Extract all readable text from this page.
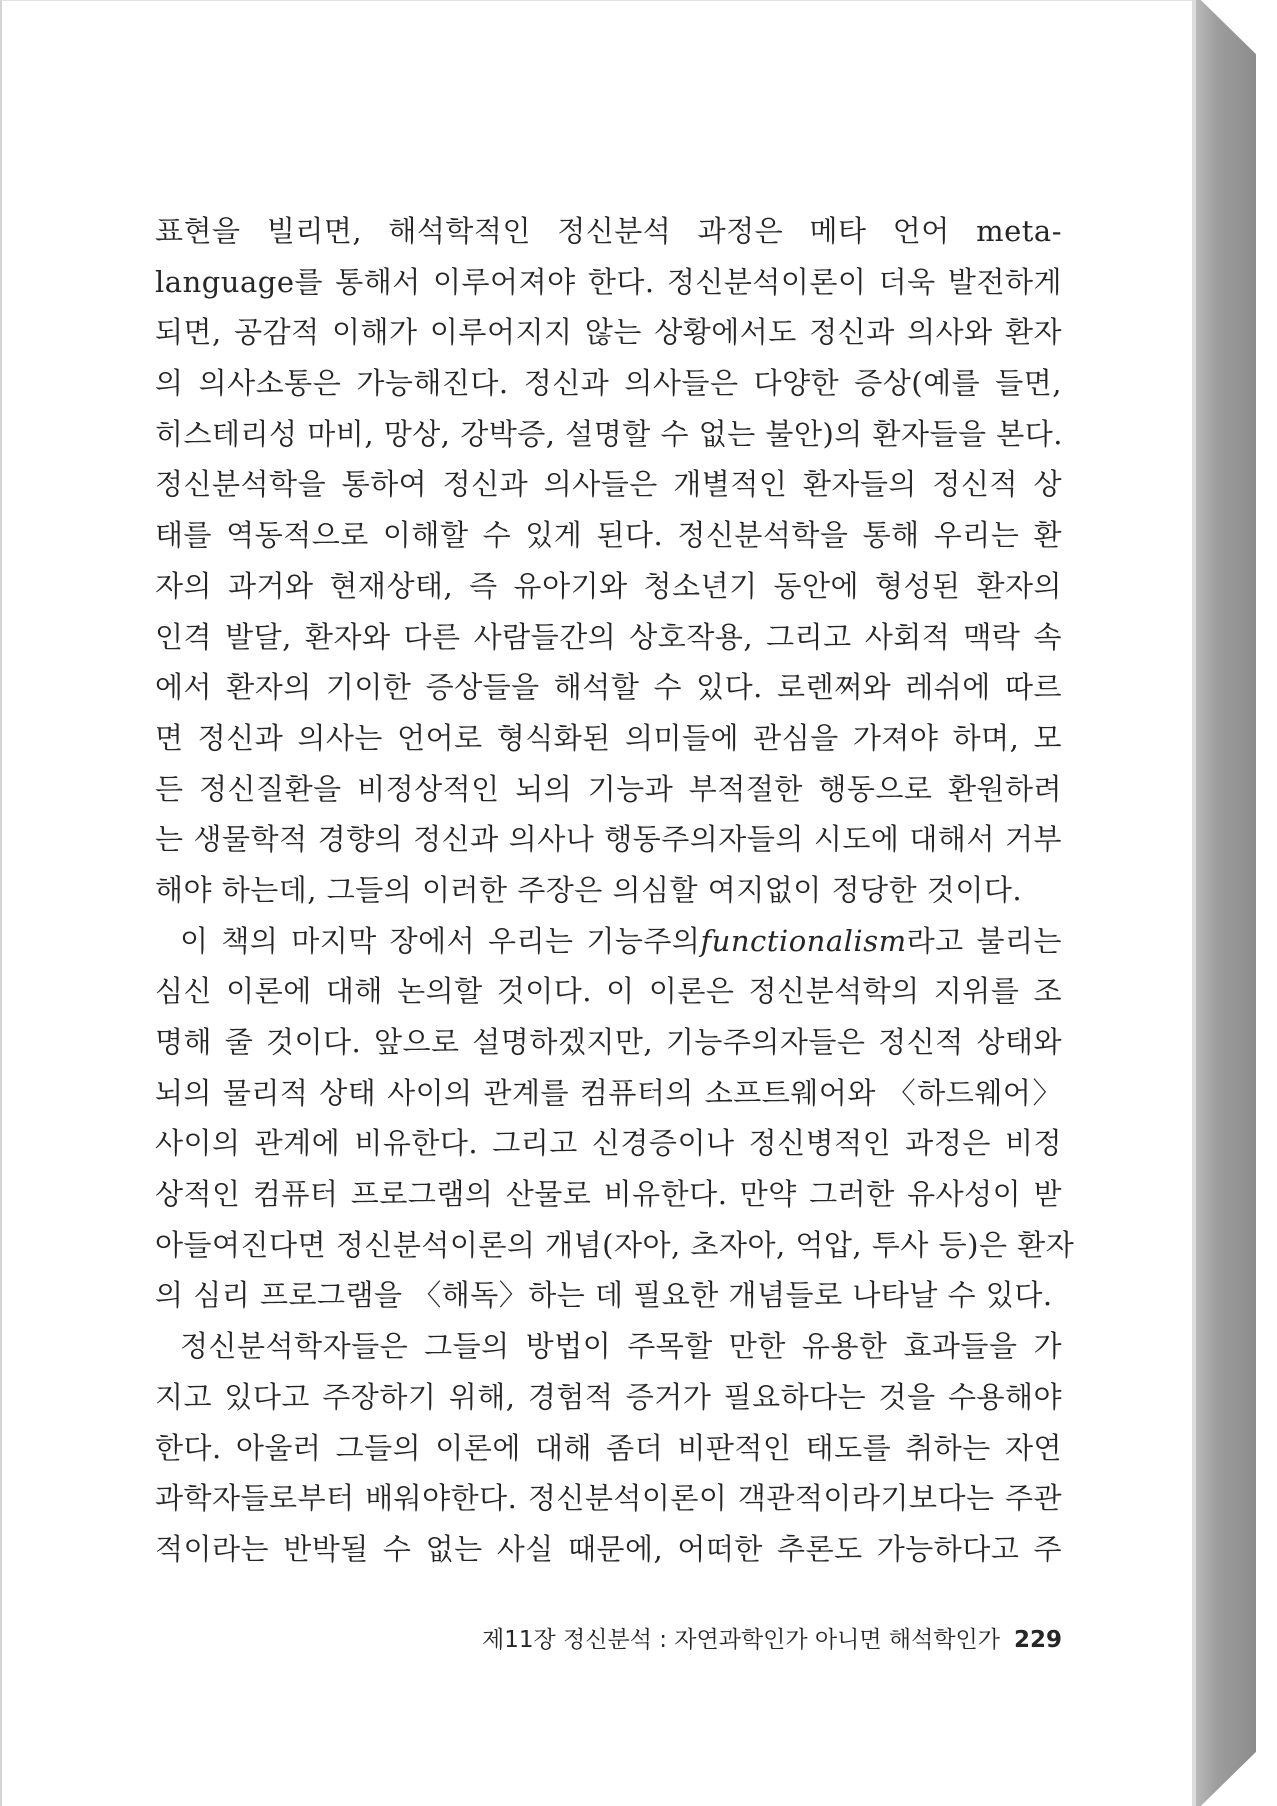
표현을 빌리면, 해석학적인 정신분석 과정은 메타 언어 meta-
language를 통해서 이루어져야 한다. 정신분석이론이 더욱 발전하게
되면, 공감적 이해가 이루어지지 않는 상황에서도 정신과 의사와 환자
의 의사소통은 가능해진다. 정신과 의사들은 다양한 증상(예를 들면,
히스테리성 마비, 망상, 강박증, 설명할 수 없는 불안)의 환자들을 본다.
정신분석학을 통하여 정신과 의사들은 개별적인 환자들의 정신적 상
태를 역동적으로 이해할 수 있게 된다. 정신분석학을 통해 우리는 환
자의 과거와 현재상태, 즉 유아기와 청소년기 동안에 형성된 환자의
인격 발달, 환자와 다른 사람들간의 상호작용, 그리고 사회적 맥락 속
에서 환자의 기이한 증상들을 해석할 수 있다. 로렌쩌와 레쉬에 따르
면 정신과 의사는 언어로 형식화된 의미들에 관심을 가져야 하며, 모
든 정신질환을 비정상적인 뇌의 기능과 부적절한 행동으로 환원하려
는 생물학적 경향의 정신과 의사나 행동주의자들의 시도에 대해서 거부
해야 하는데, 그들의 이러한 주장은 의심할 여지없이 정당한 것이다.
이 책의 마지막 장에서 우리는 기능주의functionalism라고 불리는
심신 이론에 대해 논의할 것이다. 이 이론은 정신분석학의 지위를 조
명해 줄 것이다. 앞으로 설명하겠지만, 기능주의자들은 정신적 상태와
뇌의 물리적 상태 사이의 관계를 컴퓨터의 소프트웨어와 〈하드웨어〉
사이의 관계에 비유한다. 그리고 신경증이나 정신병적인 과정은 비정
상적인 컴퓨터 프로그램의 산물로 비유한다. 만약 그러한 유사성이 받
아들여진다면 정신분석이론의 개념(자아, 초자아, 억압, 투사 등)은 환자
의 심리 프로그램을 〈해독〉하는 데 필요한 개념들로 나타날 수 있다.
정신분석학자들은 그들의 방법이 주목할 만한 유용한 효과들을 가
지고 있다고 주장하기 위해, 경험적 증거가 필요하다는 것을 수용해야
한다. 아울러 그들의 이론에 대해 좀더 비판적인 태도를 취하는 자연
과학자들로부터 배워야한다. 정신분석이론이 객관적이라기보다는 주관
적이라는 반박될 수 없는 사실 때문에, 어떠한 추론도 가능하다고 주
제11장 정신분석 : 자연과학인가 아니면 해석학인가 229
